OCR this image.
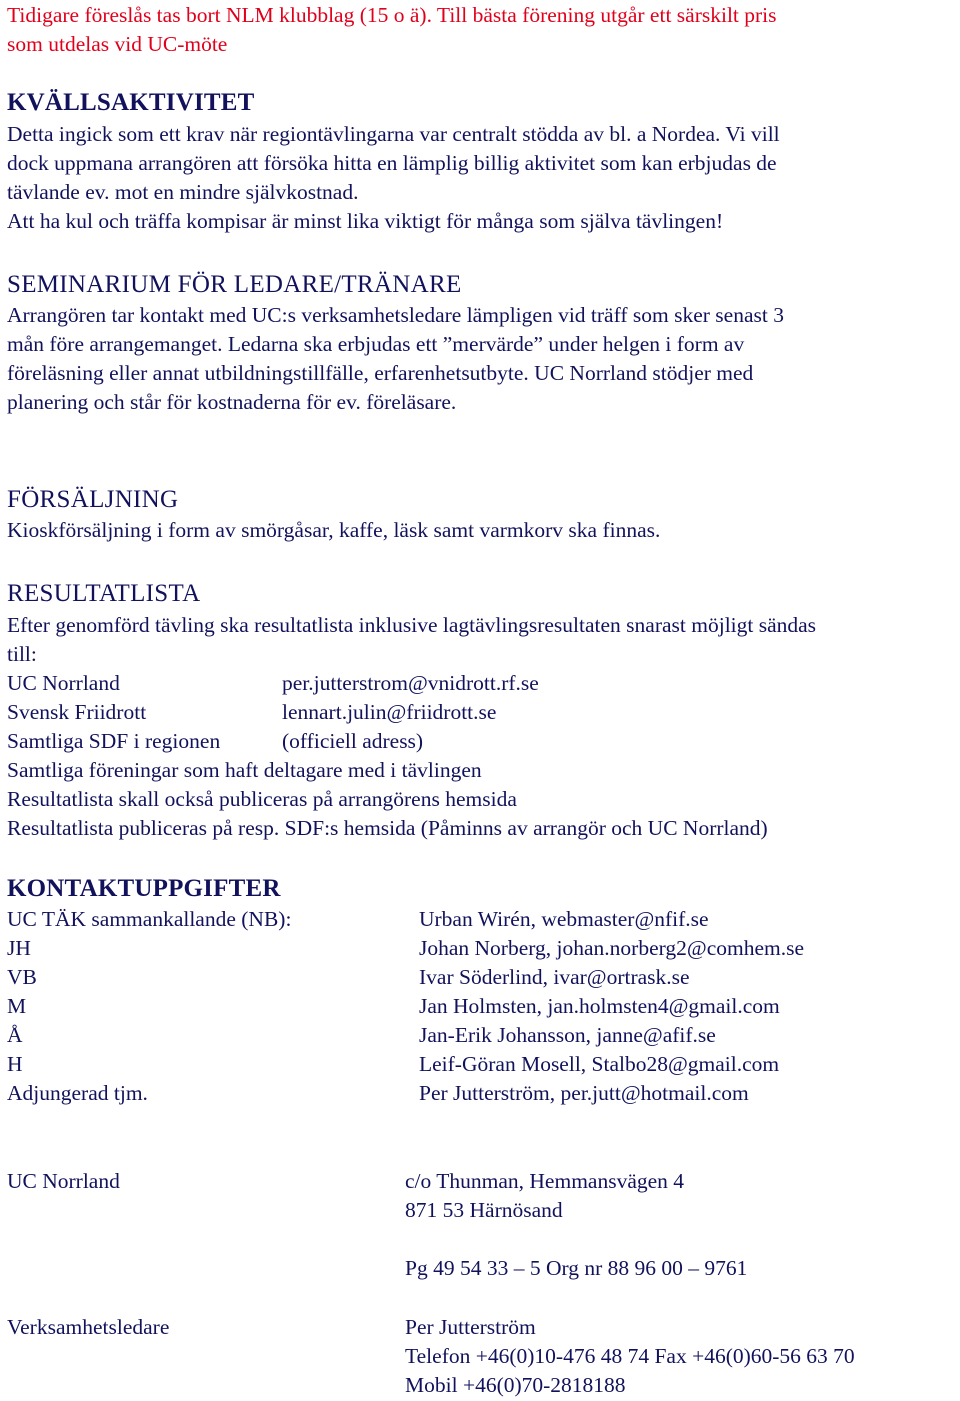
Tidigare föreslås tas bort NLM klubblag (15 o ä). Till bästa förening utgår ett särskilt pris
som utdelas vid UC-möte
KVÄLLSAKTIVITET
Detta ingick som ett krav när regiontävlingarna var centralt stödda av bl. a Nordea. Vi vill
dock uppmana arrangören att försöka hitta en lämplig billig aktivitet som kan erbjudas de
tävlande ev. mot en mindre självkostnad.
Att ha kul och träffa kompisar är minst lika viktigt för många som själva tävlingen!
SEMINARIUM FÖR LEDARE/TRÄNARE
Arrangören tar kontakt med UC:s verksamhetsledare lämpligen vid träff som sker senast 3
mån före arrangemanget. Ledarna ska erbjudas ett ”mervärde” under helgen i form av
föreläsning eller annat utbildningstillfälle, erfarenhetsutbyte. UC Norrland stödjer med
planering och står för kostnaderna för ev. föreläsare.
FÖRSÄLJNING
Kioskförsäljning i form av smörgåsar, kaffe, läsk samt varmkorv ska finnas.
RESULTATLISTA
Efter genomförd tävling ska resultatlista inklusive lagtävlingsresultaten snarast möjligt sändas
till:
UC Norrland	per.jutterstrom@vnidrott.rf.se
Svensk Friidrott	lennart.julin@friidrott.se
Samtliga SDF i regionen	(officiell adress)
Samtliga föreningar som haft deltagare med i tävlingen
Resultatlista skall också publiceras på arrangörens hemsida
Resultatlista publiceras på resp. SDF:s hemsida (Påminns av arrangör och UC Norrland)
KONTAKTUPPGIFTER
UC TÄK sammankallande (NB):	Urban Wirén, webmaster@nfif.se
JH	Johan Norberg, johan.norberg2@comhem.se
VB	Ivar Söderlind, ivar@ortrask.se
M	Jan Holmsten, jan.holmsten4@gmail.com
Å	Jan-Erik Johansson, janne@afif.se
H	Leif-Göran Mosell, Stalbo28@gmail.com
Adjungerad tjm.	Per Jutterström, per.jutt@hotmail.com
UC Norrland	c/o Thunman, Hemmansvägen 4
871 53 Härnösand
Pg 49 54 33 – 5 Org nr 88 96 00 – 9761
Verksamhetsledare	Per Jutterström
Telefon +46(0)10-476 48 74 Fax +46(0)60-56 63 70
Mobil +46(0)70-2818188
